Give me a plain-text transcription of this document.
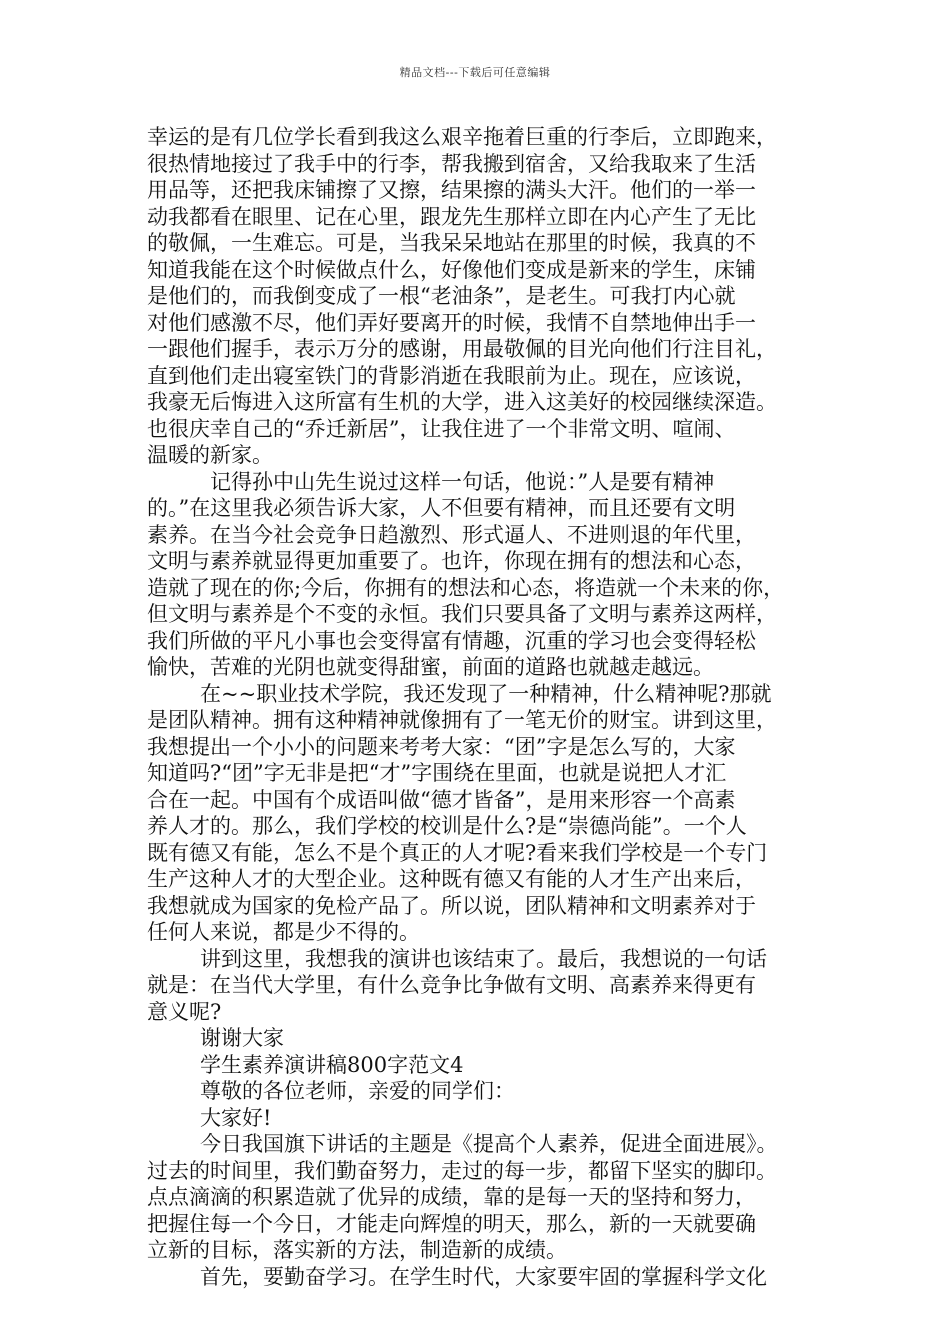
精品文档---下载后可任意编辑
幸运的是有几位学长看到我这么艰辛拖着巨重的行李后，立即跑来，
很热情地接过了我手中的行李，帮我搬到宿舍，又给我取来了生活
用品等，还把我床铺擦了又擦，结果擦的满头大汗。他们的一举一
动我都看在眼里、记在心里，跟龙先生那样立即在内心产生了无比
的敬佩，一生难忘。可是，当我呆呆地站在那里的时候，我真的不
知道我能在这个时候做点什么，好像他们变成是新来的学生，床铺
是他们的，而我倒变成了一根“老油条”，是老生。可我打内心就
对他们感激不尽，他们弄好要离开的时候，我情不自禁地伸出手一
一跟他们握手，表示万分的感谢，用最敬佩的目光向他们行注目礼，
直到他们走出寝室铁门的背影消逝在我眼前为止。现在，应该说，
我豪无后悔进入这所富有生机的大学，进入这美好的校园继续深造。
也很庆幸自己的“乔迁新居”，让我住进了一个非常文明、喧闹、
温暖的新家。
记得孙中山先生说过这样一句话，他说：”人是要有精神
的。”在这里我必须告诉大家，人不但要有精神，而且还要有文明
素养。在当今社会竞争日趋激烈、形式逼人、不进则退的年代里，
文明与素养就显得更加重要了。也许，你现在拥有的想法和心态，
造就了现在的你;今后，你拥有的想法和心态，将造就一个未来的你，
但文明与素养是个不变的永恒。我们只要具备了文明与素养这两样，
我们所做的平凡小事也会变得富有情趣，沉重的学习也会变得轻松
愉快，苦难的光阴也就变得甜蜜，前面的道路也就越走越远。
在~~职业技术学院，我还发现了一种精神，什么精神呢?那就
是团队精神。拥有这种精神就像拥有了一笔无价的财宝。讲到这里，
我想提出一个小小的问题来考考大家：“团”字是怎么写的，大家
知道吗?“团”字无非是把“才”字围绕在里面，也就是说把人才汇
合在一起。中国有个成语叫做“德才皆备”，是用来形容一个高素
养人才的。那么，我们学校的校训是什么?是“崇德尚能”。一个人
既有德又有能，怎么不是个真正的人才呢?看来我们学校是一个专门
生产这种人才的大型企业。这种既有德又有能的人才生产出来后，
我想就成为国家的免检产品了。所以说，团队精神和文明素养对于
任何人来说，都是少不得的。
讲到这里，我想我的演讲也该结束了。最后，我想说的一句话
就是：在当代大学里，有什么竞争比争做有文明、高素养来得更有
意义呢?
谢谢大家
学生素养演讲稿800字范文4
尊敬的各位老师，亲爱的同学们：
大家好!
今日我国旗下讲话的主题是《提高个人素养，促进全面进展》。
过去的时间里，我们勤奋努力，走过的每一步，都留下坚实的脚印。
点点滴滴的积累造就了优异的成绩，靠的是每一天的坚持和努力，
把握住每一个今日，才能走向辉煌的明天，那么，新的一天就要确
立新的目标，落实新的方法，制造新的成绩。
首先，要勤奋学习。在学生时代，大家要牢固的掌握科学文化
